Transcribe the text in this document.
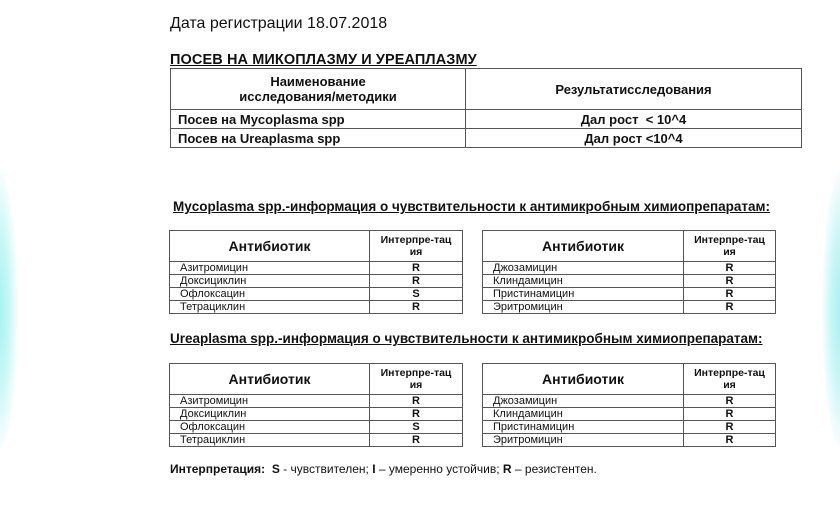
Дата регистрации 18.07.2018
ПОСЕВ НА МИКОПЛАЗМУ И УРЕАПЛАЗМУ
Наименование
исследования/методики	Результатисследования
Посев на Mycoplasma spp	Дал рост  < 10^4
Посев на Ureaplasma spp	Дал рост <10^4
Mycoplasma spp.-информация о чувствительности к антимикробным химиопрепаратам:
Антибиотик	Интерпре-тац
ия
Азитромицин	R
Доксициклин	R
Офлоксацин	S
Тетрациклин	R
Антибиотик	Интерпре-тац
ия
Джозамицин	R
Клиндамицин	R
Пристинамицин	R
Эритромицин	R
Ureaplasma spp.-информация о чувствительности к антимикробным химиопрепаратам:
Антибиотик	Интерпре-тац
ия
Азитромицин	R
Доксициклин	R
Офлоксацин	S
Тетрациклин	R
Антибиотик	Интерпре-тац
ия
Джозамицин	R
Клиндамицин	R
Пристинамицин	R
Эритромицин	R
Интерпретация: S - чувствителен; I – умеренно устойчив; R – резистентен.
